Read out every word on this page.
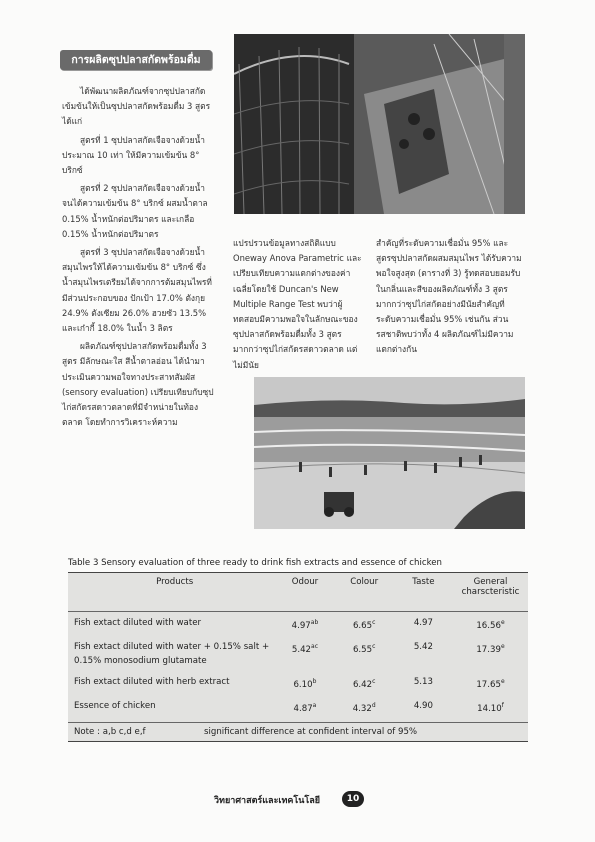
การผลิตซุปปลาสกัดพร้อมดื่ม

ได้พัฒนาผลิตภัณฑ์จากซุปปลาสกัดเข้มข้นให้เป็นซุปปลาสกัดพร้อมดื่ม 3 สูตร ได้แก่

สูตรที่ 1 ซุปปลาสกัดเจือจางด้วยน้ำประมาณ 10 เท่า ให้มีความเข้มข้น 8° บริกซ์

สูตรที่ 2 ซุปปลาสกัดเจือจางด้วยน้ำจนได้ความเข้มข้น 8° บริกซ์ ผสมน้ำตาล 0.15% น้ำหนักต่อปริมาตร และเกลือ 0.15% น้ำหนักต่อปริมาตร

สูตรที่ 3 ซุปปลาสกัดเจือจางด้วยน้ำสมุนไพรให้ได้ความเข้มข้น 8° บริกซ์ ซึ่งน้ำสมุนไพรเตรียมได้จากการต้มสมุนไพรที่มีส่วนประกอบของ ปักเป้า 17.0% ตังกุย 24.9% ตังเซียม 26.0% ฮวยซัว 13.5% และเก๋ากี้ 18.0% ในน้ำ 3 ลิตร

ผลิตภัณฑ์ซุปปลาสกัดพร้อมดื่มทั้ง 3 สูตร มีลักษณะใส สีน้ำตาลอ่อน ได้นำมาประเมินความพอใจทางประสาทสัมผัส (sensory evaluation) เปรียบเทียบกับซุปไก่สกัดรสดาวตลาดที่มีจำหน่ายในท้องตลาด โดยทำการวิเคราะห์ความ

แปรปรวนข้อมูลทางสถิติแบบ Oneway Anova Parametric และเปรียบเทียบความแตกต่างของค่าเฉลี่ยโดยใช้ Duncan's New Multiple Range Test พบว่าผู้ทดสอบมีความพอใจในลักษณะของซุปปลาสกัดพร้อมดื่มทั้ง 3 สูตรมากกว่าซุปไก่สกัดรสดาวตลาด แต่ไม่มีนัย
สำคัญที่ระดับความเชื่อมั่น 95% และสูตรซุปปลาสกัดผสมสมุนไพร ได้รับความพอใจสูงสุด (ตารางที่ 3) รู้ทดสอบยอมรับในกลิ่นและสีของผลิตภัณฑ์ทั้ง 3 สูตรมากกว่าซุปไก่สกัดอย่างมีนัยสำคัญที่ระดับความเชื่อมั่น 95% เช่นกัน ส่วนรสชาติพบว่าทั้ง 4 ผลิตภัณฑ์ไม่มีความแตกต่างกัน
Table 3 Sensory evaluation of three ready to drink fish extracts and essence of chicken
Products	Odour	Colour	Taste	General charscteristic
Fish extact diluted with water	4.97$^{ab}$	6.65$^c$	4.97	16.56e
Fish extact diluted with water + 0.15% salt + 0.15% monosodium glutamate
5.42$^{ac}$	6.55$^c$	5.42	17.39e
Fish extact diluted with herb extract	6.10$^b$	6.42$^c$	5.13	17.65e
Essence of chicken	4.87$^a$	4.32$^d$	4.90	14.10$^f$
Note : a,b c,d e,f	significant difference at confident interval of 95%
วิทยาศาสตร์และเทคโนโลยี	10
